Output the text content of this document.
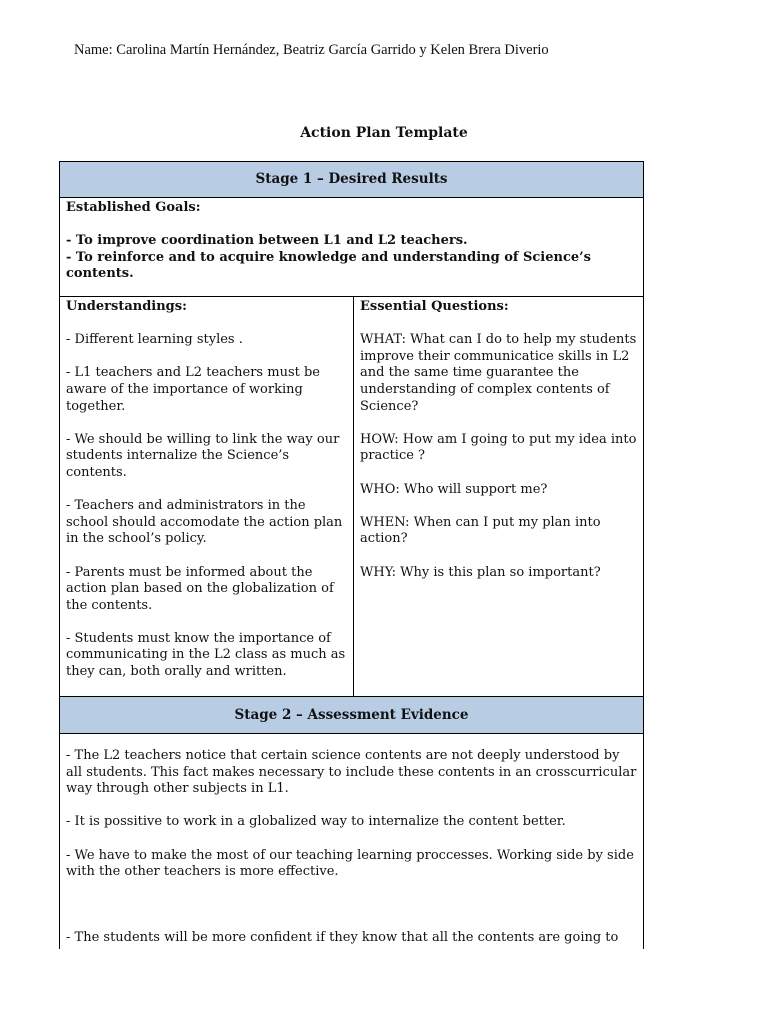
Name: Carolina Martín Hernández, Beatriz García Garrido y Kelen Brera Diverio
Action Plan Template
Stage 1 – Desired Results
Established Goals:
- To improve coordination between L1 and L2 teachers.
- To reinforce and to acquire knowledge and understanding of Science’s contents.
Understandings:

- Different learning styles .

- L1 teachers and L2 teachers must be aware of the importance of working together.

- We should be willing to link the way our students internalize the Science’s contents.

- Teachers and administrators in the school should accomodate the action plan in the school’s policy.

- Parents must be informed about the action plan based on the globalization of the contents.

- Students must know the importance of communicating in the L2 class as much as they can, both orally and written.

Essential Questions:

WHAT: What can I do to help my students improve their communicatice skills in L2 and the same time guarantee the understanding of complex contents of Science?

HOW: How am I going to put my idea into practice ?

WHO: Who will support me?

WHEN: When can I put my plan into action?

WHY: Why is this plan so important?

Stage 2 – Assessment Evidence

- The L2 teachers notice that certain science contents are not deeply understood by all students. This fact makes necessary to include these contents in an crosscurricular way through other subjects in L1.

- It is possitive to work in a globalized way to internalize the content better.

- We have to make the most of our teaching learning proccesses. Working side by side with the other teachers is more effective.

- The students will be more confident if they know that all the contents are going to
